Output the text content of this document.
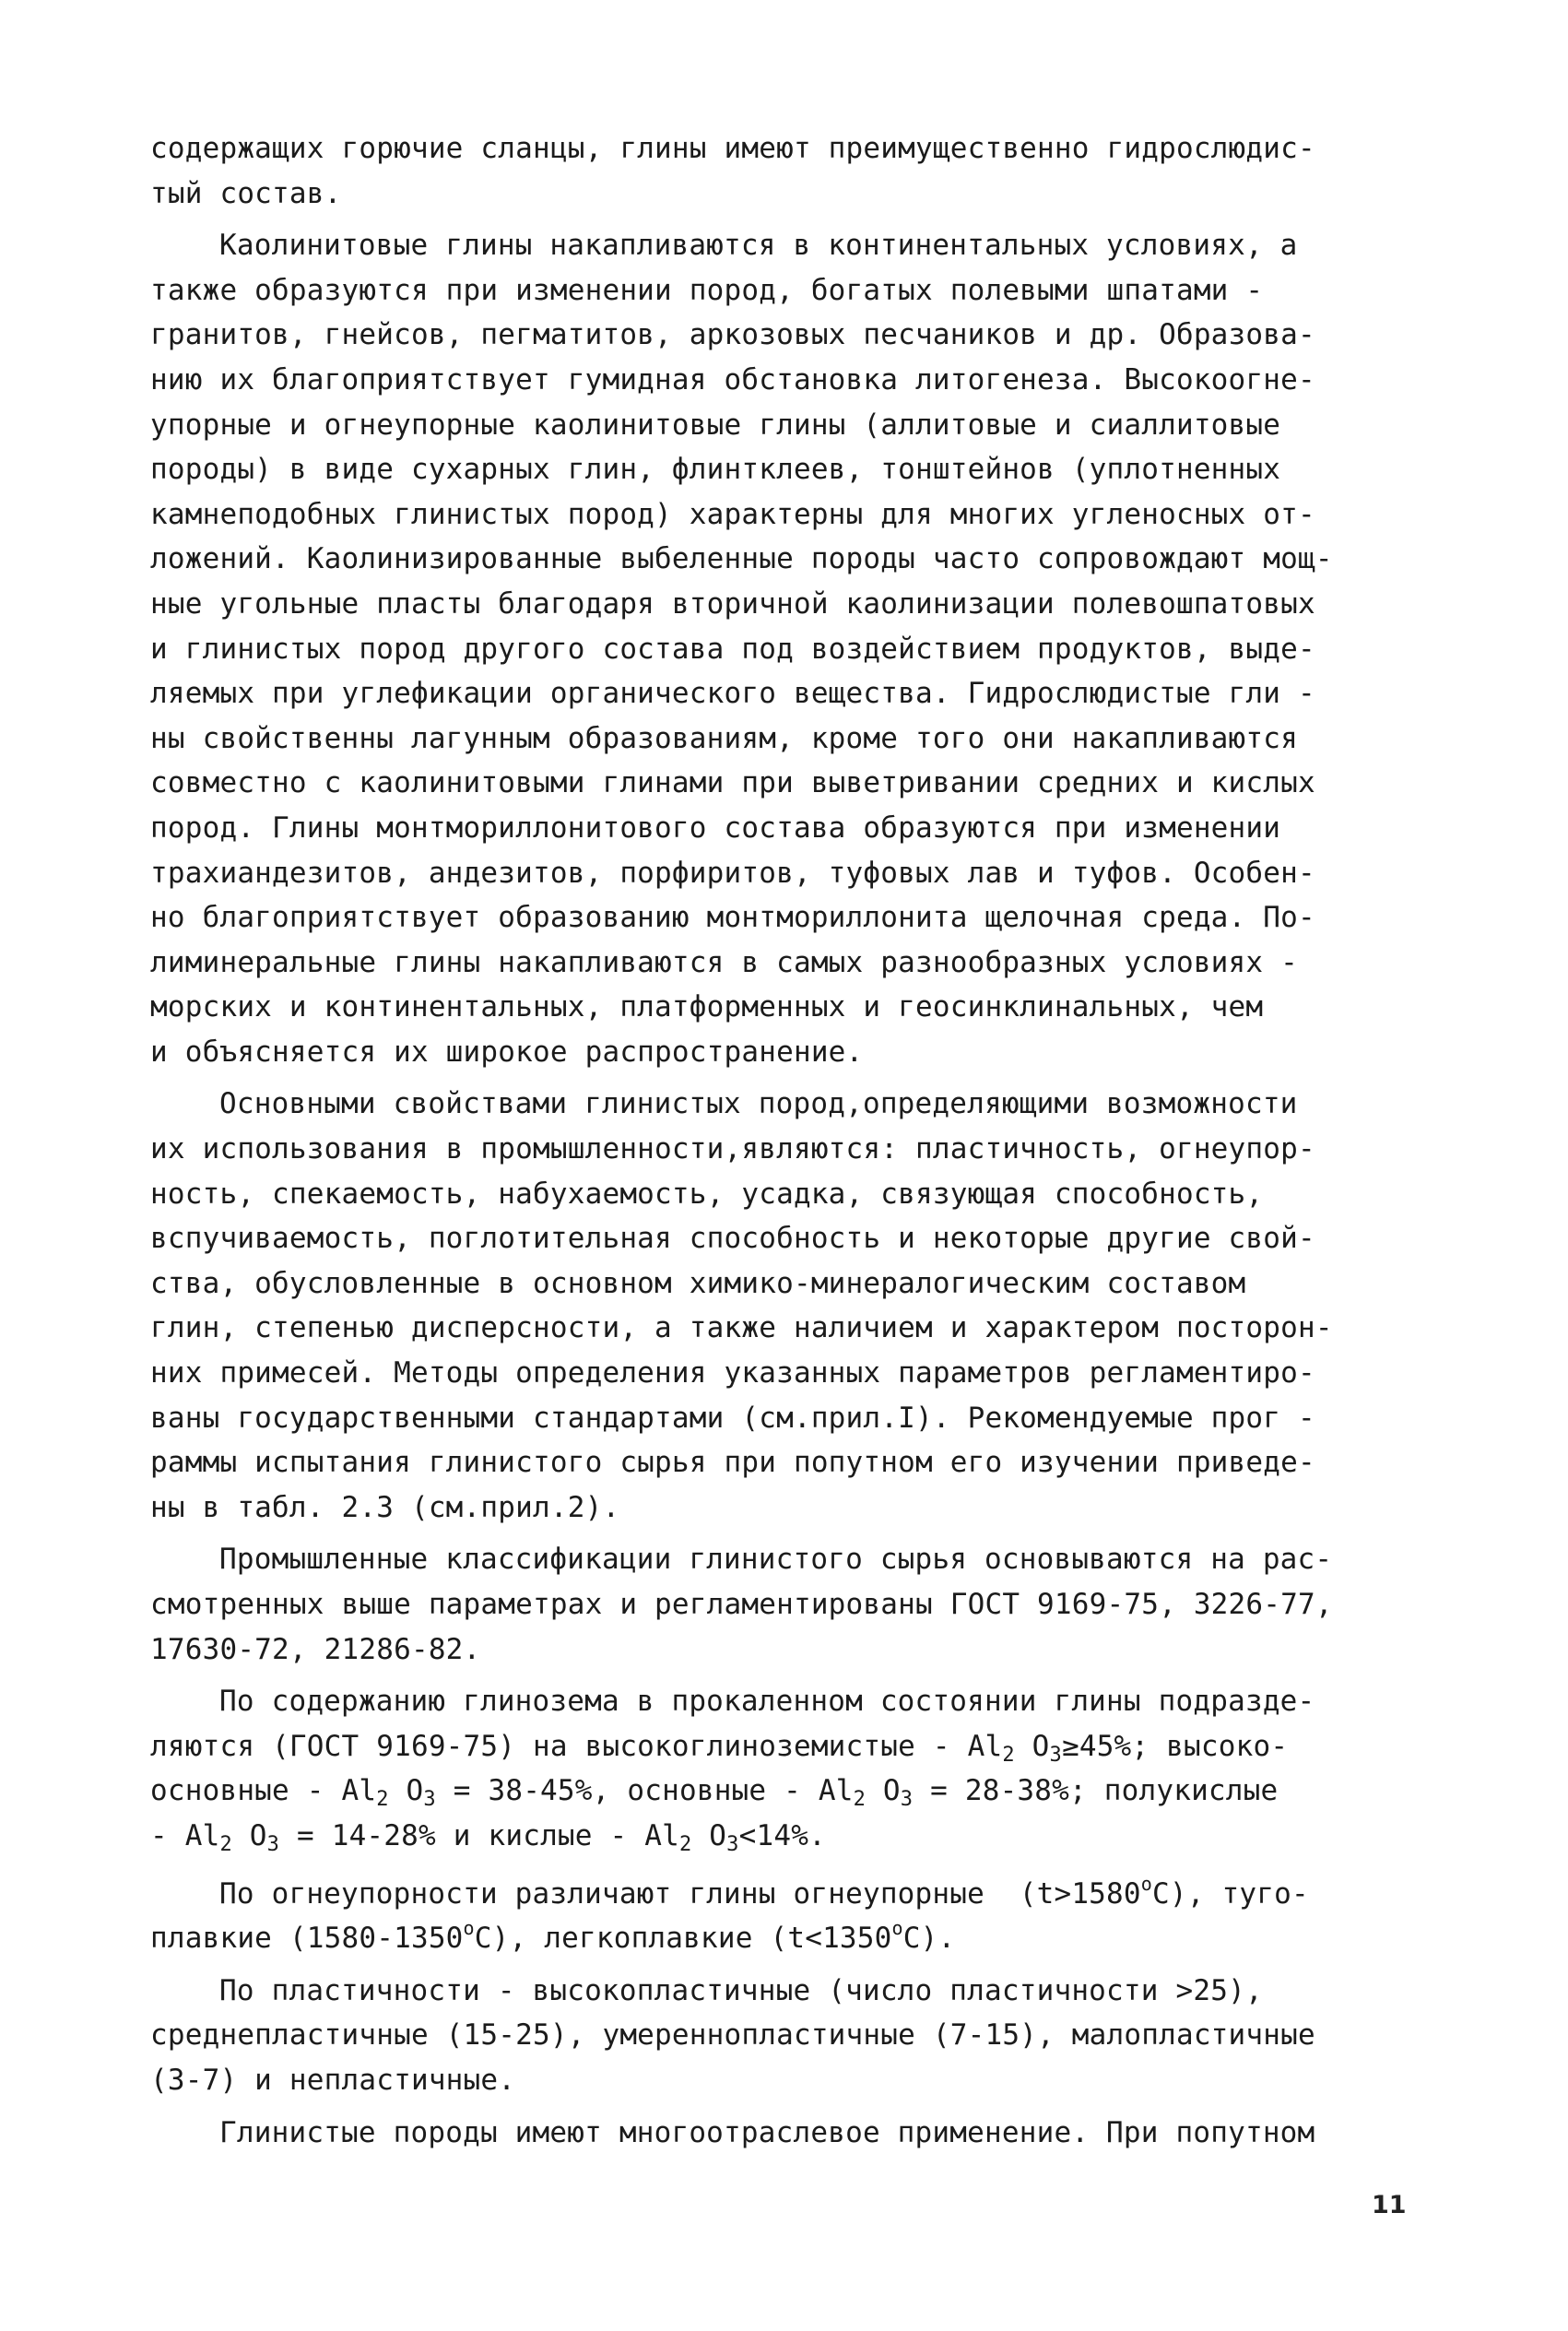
содержащих горючие сланцы, глины имеют преимущественно гидрослюдис-
тый состав.
Каолинитовые глины накапливаются в континентальных условиях, а
также образуются при изменении пород, богатых полевыми шпатами -
гранитов, гнейсов, пегматитов, аркозовых песчаников и др. Образова-
нию их благоприятствует гумидная обстановка литогенеза. Высокоогне-
упорные и огнеупорные каолинитовые глины (аллитовые и сиаллитовые
породы) в виде сухарных глин, флинтклеев, тонштейнов (уплотненных
камнеподобных глинистых пород) характерны для многих угленосных от-
ложений. Каолинизированные выбеленные породы часто сопровождают мощ-
ные угольные пласты благодаря вторичной каолинизации полевошпатовых
и глинистых пород другого состава под воздействием продуктов, выде-
ляемых при углефикации органического вещества. Гидрослюдистые гли -
ны свойственны лагунным образованиям, кроме того они накапливаются
совместно с каолинитовыми глинами при выветривании средних и кислых
пород. Глины монтмориллонитового состава образуются при изменении
трахиандезитов, андезитов, порфиритов, туфовых лав и туфов. Особен-
но благоприятствует образованию монтмориллонита щелочная среда. По-
лиминеральные глины накапливаются в самых разнообразных условиях -
морских и континентальных, платформенных и геосинклинальных, чем
и объясняется их широкое распространение.
Основными свойствами глинистых пород,определяющими возможности
их использования в промышленности,являются: пластичность, огнеупор-
ность, спекаемость, набухаемость, усадка, связующая способность,
вспучиваемость, поглотительная способность и некоторые другие свой-
ства, обусловленные в основном химико-минералогическим составом
глин, степенью дисперсности, а также наличием и характером посторон-
них примесей. Методы определения указанных параметров регламентиро-
ваны государственными стандартами (см.прил.I). Рекомендуемые прог -
раммы испытания глинистого сырья при попутном его изучении приведе-
ны в табл. 2.3 (см.прил.2).
Промышленные классификации глинистого сырья основываются на рас-
смотренных выше параметрах и регламентированы ГОСТ 9169-75, 3226-77,
17630-72, 21286-82.
По содержанию глинозема в прокаленном состоянии глины подразде-
ляются (ГОСТ 9169-75) на высокоглиноземистые - $Al_2$ $O_3\ge 45\%$; высоко-
основные - $Al_2$ $O_3 = 38-45\%$, основные - $Al_2$ $O_3 = 28-38\%$; полукислые
- $Al_2$ $O_3 = 14-28\%$ и кислые - $Al_2$ $O_3<14\%$.
По огнеупорности различают глины огнеупорные  $(t>1580^oC)$, туго-
плавкие (1580-1350$^o$C), легкоплавкие $(t<1350^oC)$.
По пластичности - высокопластичные (число пластичности >25),
среднепластичные (15-25), умереннопластичные (7-15), малопластичные
(3-7) и непластичные.
Глинистые породы имеют многоотраслевое применение. При попутном
11
